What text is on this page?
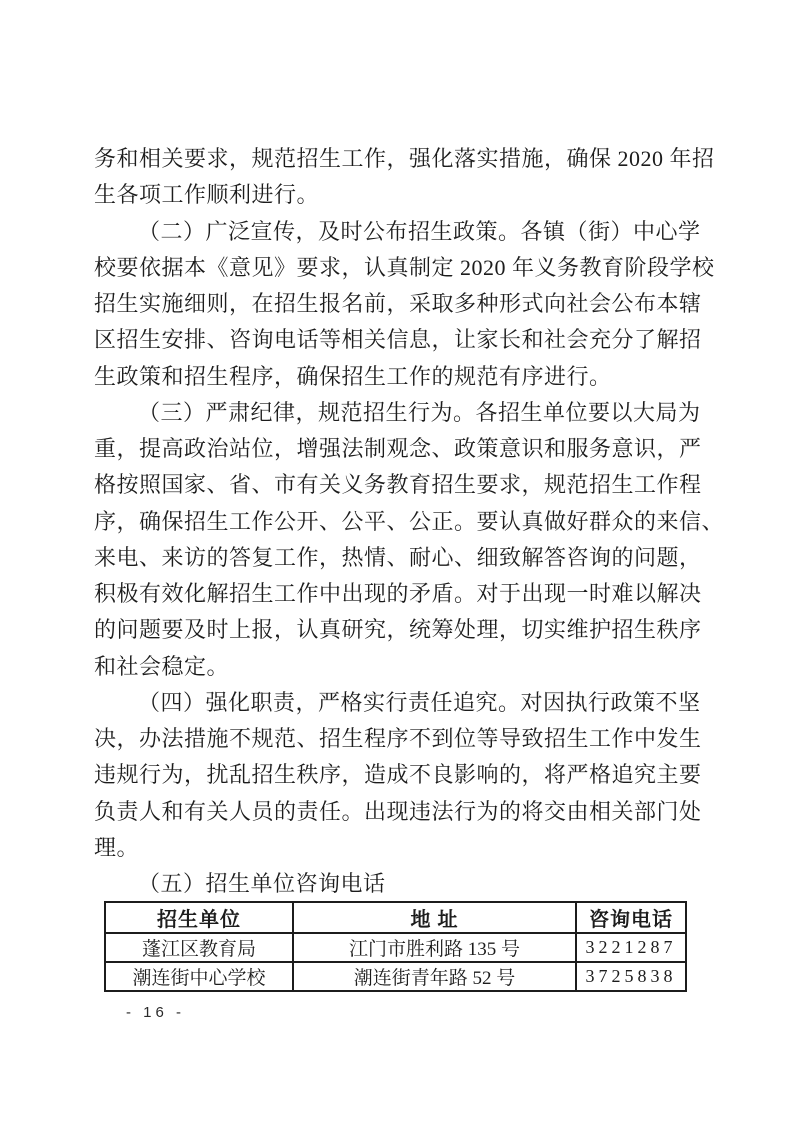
务和相关要求，规范招生工作，强化落实措施，确保 2020 年招
生各项工作顺利进行。
（二）广泛宣传，及时公布招生政策。各镇（街）中心学
校要依据本《意见》要求，认真制定 2020 年义务教育阶段学校
招生实施细则，在招生报名前，采取多种形式向社会公布本辖
区招生安排、咨询电话等相关信息，让家长和社会充分了解招
生政策和招生程序，确保招生工作的规范有序进行。
（三）严肃纪律，规范招生行为。各招生单位要以大局为
重，提高政治站位，增强法制观念、政策意识和服务意识，严
格按照国家、省、市有关义务教育招生要求，规范招生工作程
序，确保招生工作公开、公平、公正。要认真做好群众的来信、
来电、来访的答复工作，热情、耐心、细致解答咨询的问题，
积极有效化解招生工作中出现的矛盾。对于出现一时难以解决
的问题要及时上报，认真研究，统筹处理，切实维护招生秩序
和社会稳定。
（四）强化职责，严格实行责任追究。对因执行政策不坚
决，办法措施不规范、招生程序不到位等导致招生工作中发生
违规行为，扰乱招生秩序，造成不良影响的，将严格追究主要
负责人和有关人员的责任。出现违法行为的将交由相关部门处
理。
（五）招生单位咨询电话
招生单位	地 址	咨询电话
蓬江区教育局	江门市胜利路 135 号	3221287
潮连街中心学校	潮连街青年路 52 号	3725838
- 16 -
